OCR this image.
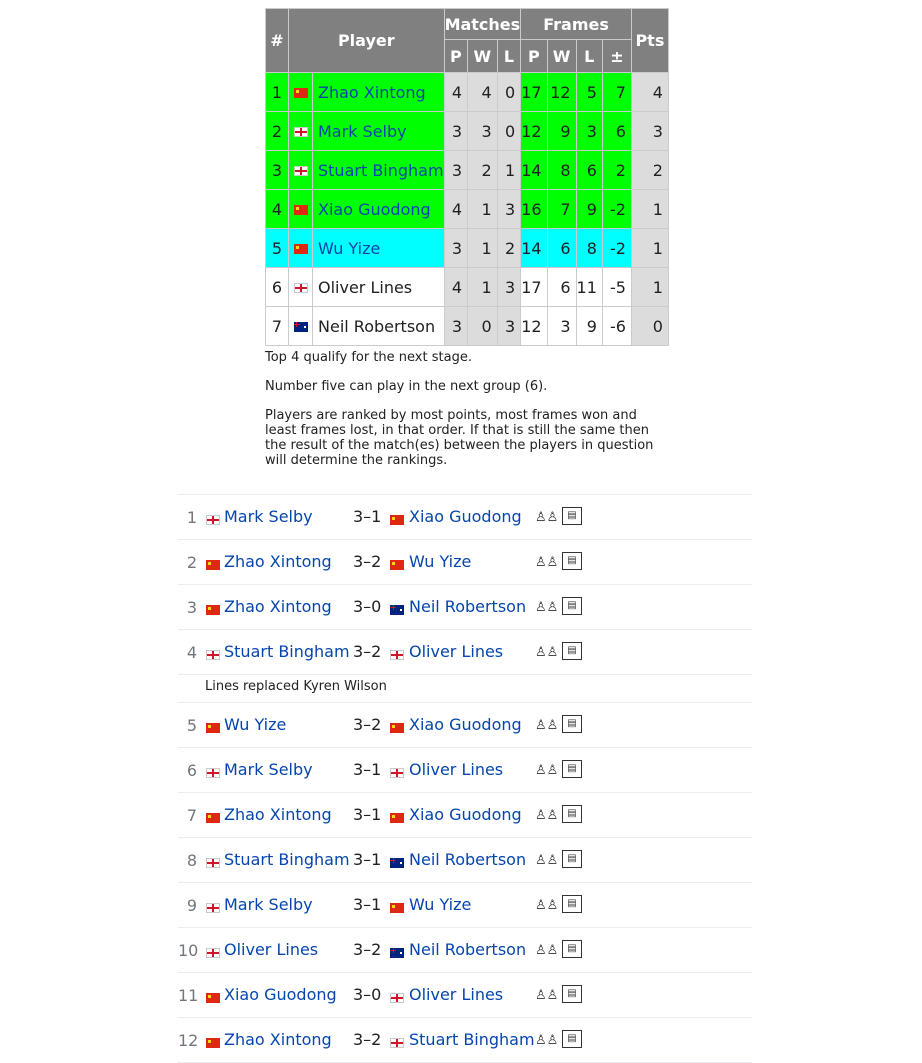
#	Player		Matches			Frames				Pts
			P	W	L	P	W	L	±	
1		Zhao Xintong	4	4	0	17	12	5	7	4
2		Mark Selby	3	3	0	12	9	3	6	3
3		Stuart Bingham	3	2	1	14	8	6	2	2
4		Xiao Guodong	4	1	3	16	7	9	-2	1
5		Wu Yize	3	1	2	14	6	8	-2	1
6		Oliver Lines	4	1	3	17	6	11	-5	1
7		Neil Robertson	3	0	3	12	3	9	-6	0

Top 4 qualify for the next stage.

Number five can play in the next group (6).

Players are ranked by most points, most frames won and least frames lost, in that order. If that is still the same then the result of the match(es) between the players in question will determine the rankings.

1 Mark Selby	3–1 Xiao Guodong ♙♙ ▤
2 Zhao Xintong 3–2 Wu Yize	♙♙ ▤
3 Zhao Xintong 3–0 Neil Robertson ♙♙ ▤
4 Stuart Bingham 3–2 Oliver Lines ♙♙ ▤
Lines replaced Kyren Wilson
5 Wu Yize	3–2 Xiao Guodong ♙♙ ▤
6 Mark Selby	3–1 Oliver Lines ♙♙ ▤
7 Zhao Xintong 3–1 Xiao Guodong ♙♙ ▤
8 Stuart Bingham 3–1 Neil Robertson ♙♙ ▤
9 Mark Selby	3–1 Wu Yize	♙♙ ▤
10 Oliver Lines 3–2 Neil Robertson ♙♙ ▤
11 Xiao Guodong 3–0 Oliver Lines ♙♙ ▤
12 Zhao Xintong 3–2 Stuart Bingham ♙♙ ▤
